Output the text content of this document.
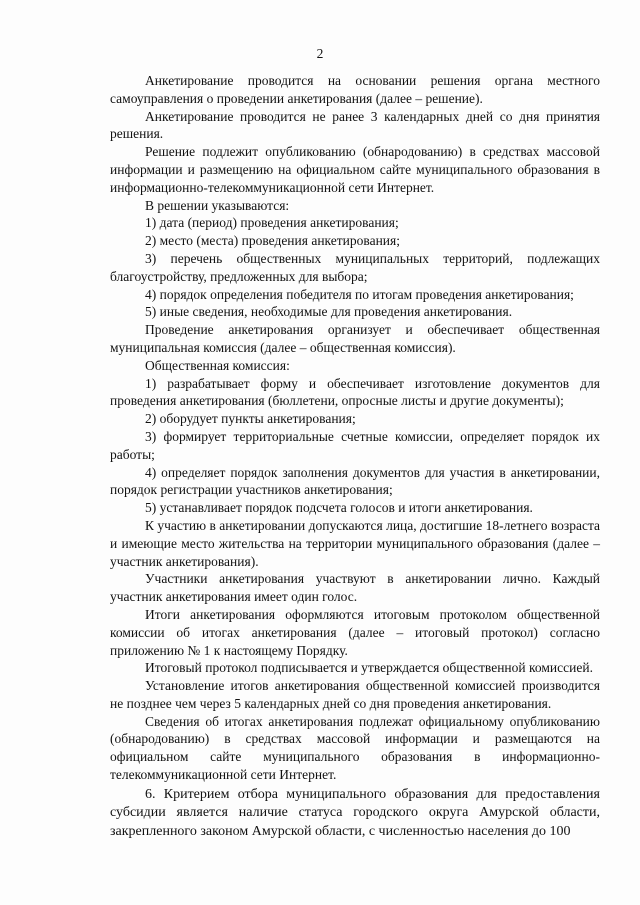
2

Анкетирование проводится на основании решения органа местного самоуправления о проведении анкетирования (далее – решение).

Анкетирование проводится не ранее 3 календарных дней со дня принятия решения.

Решение подлежит опубликованию (обнародованию) в средствах массовой информации и размещению на официальном сайте муниципального образования в информационно-телекоммуникационной сети Интернет.

В решении указываются:

1) дата (период) проведения анкетирования;

2) место (места) проведения анкетирования;

3) перечень общественных муниципальных территорий, подлежащих благоустройству, предложенных для выбора;

4) порядок определения победителя по итогам проведения анкетирования;

5) иные сведения, необходимые для проведения анкетирования.

Проведение анкетирования организует и обеспечивает общественная муниципальная комиссия (далее – общественная комиссия).

Общественная комиссия:

1) разрабатывает форму и обеспечивает изготовление документов для проведения анкетирования (бюллетени, опросные листы и другие документы);

2) оборудует пункты анкетирования;

3) формирует территориальные счетные комиссии, определяет порядок их работы;

4) определяет порядок заполнения документов для участия в анкетировании, порядок регистрации участников анкетирования;

5) устанавливает порядок подсчета голосов и итоги анкетирования.

К участию в анкетировании допускаются лица, достигшие 18-летнего возраста и имеющие место жительства на территории муниципального образования (далее – участник анкетирования).

Участники анкетирования участвуют в анкетировании лично. Каждый участник анкетирования имеет один голос.

Итоги анкетирования оформляются итоговым протоколом общественной комиссии об итогах анкетирования (далее – итоговый протокол) согласно приложению № 1 к настоящему Порядку.

Итоговый протокол подписывается и утверждается общественной комиссией.

Установление итогов анкетирования общественной комиссией производится не позднее чем через 5 календарных дней со дня проведения анкетирования.

Сведения об итогах анкетирования подлежат официальному опубликованию (обнародованию) в средствах массовой информации и размещаются на официальном сайте муниципального образования в информационно-телекоммуникационной сети Интернет.

6. Критерием отбора муниципального образования для предоставления субсидии является наличие статуса городского округа Амурской области, закрепленного законом Амурской области, с численностью населения до 100
